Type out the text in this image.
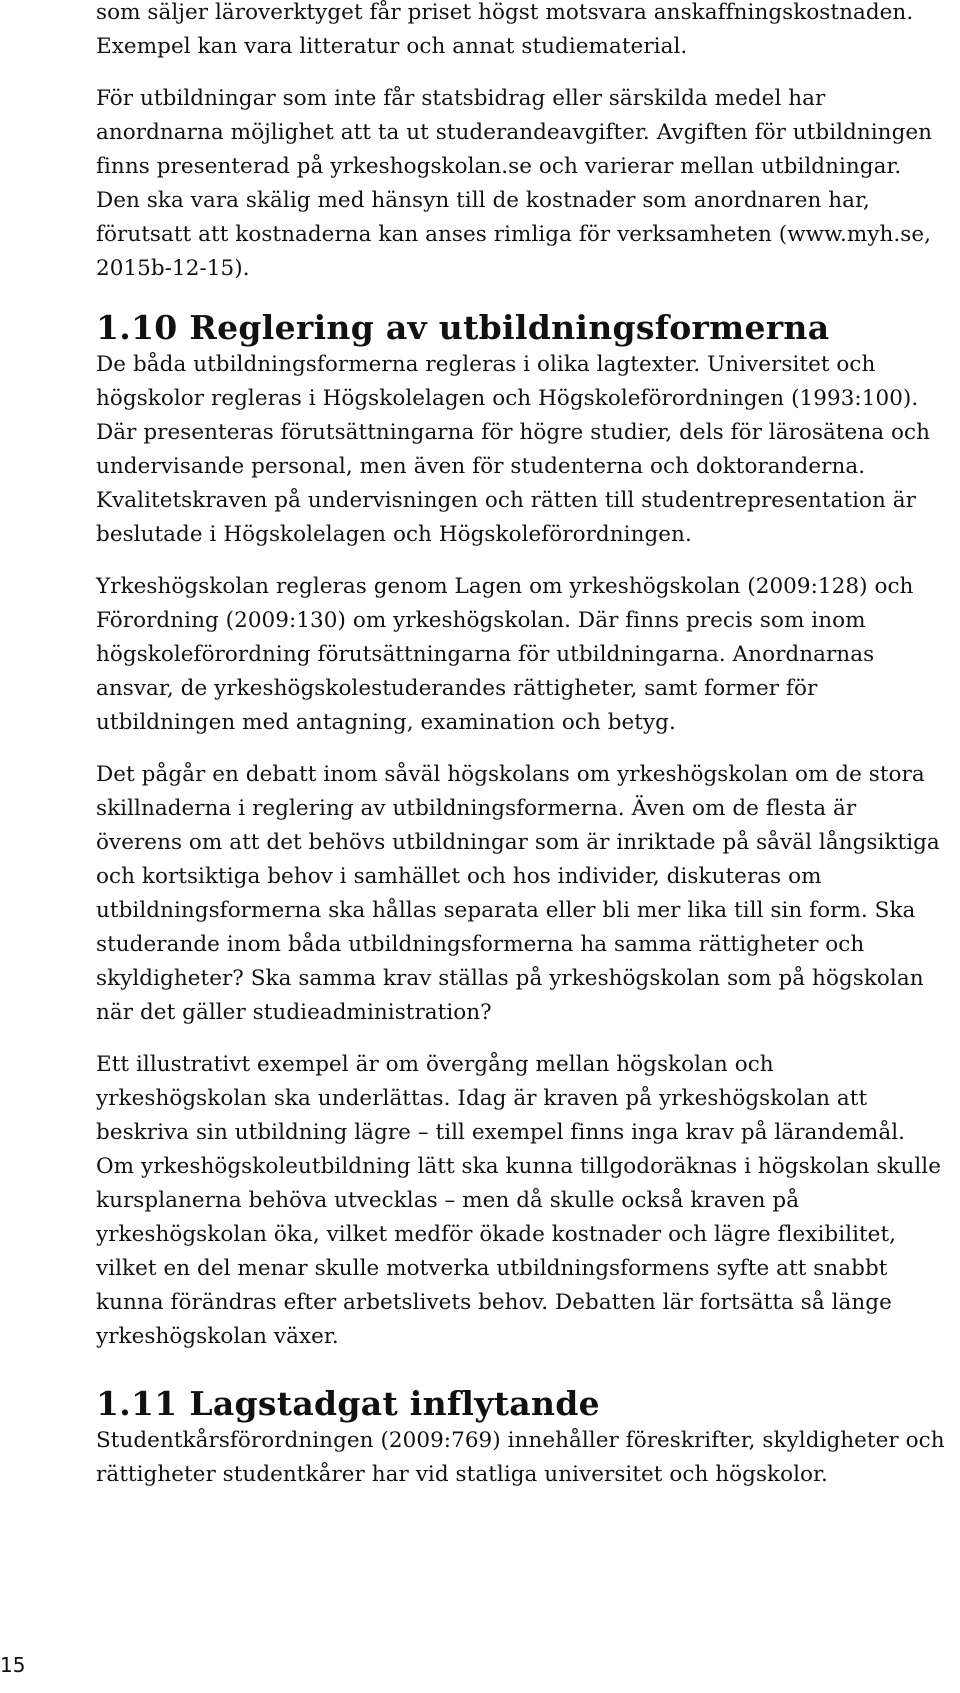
som säljer läroverktyget får priset högst motsvara anskaffningskostnaden. Exempel kan vara litteratur och annat studiematerial.

För utbildningar som inte får statsbidrag eller särskilda medel har anordnarna möjlighet att ta ut studerandeavgifter. Avgiften för utbildningen finns presenterad på yrkeshogskolan.se och varierar mellan utbildningar. Den ska vara skälig med hänsyn till de kostnader som anordnaren har, förutsatt att kostnaderna kan anses rimliga för verksamheten (www.myh.se, 2015b-12-15).

1.10 Reglering av utbildningsformerna

De båda utbildningsformerna regleras i olika lagtexter. Universitet och högskolor regleras i Högskolelagen och Högskoleförordningen (1993:100). Där presenteras förutsättningarna för högre studier, dels för lärosätena och undervisande personal, men även för studenterna och doktoranderna. Kvalitetskraven på undervisningen och rätten till studentrepresentation är beslutade i Högskolelagen och Högskoleförordningen.

Yrkeshögskolan regleras genom Lagen om yrkeshögskolan (2009:128) och Förordning (2009:130) om yrkeshögskolan. Där finns precis som inom högskoleförordning förutsättningarna för utbildningarna. Anordnarnas ansvar, de yrkeshögskolestuderandes rättigheter, samt former för utbildningen med antagning, examination och betyg.

Det pågår en debatt inom såväl högskolans om yrkeshögskolan om de stora skillnaderna i reglering av utbildningsformerna. Även om de flesta är överens om att det behövs utbildningar som är inriktade på såväl långsiktiga och kortsiktiga behov i samhället och hos individer, diskuteras om utbildningsformerna ska hållas separata eller bli mer lika till sin form. Ska studerande inom båda utbildningsformerna ha samma rättigheter och skyldigheter? Ska samma krav ställas på yrkeshögskolan som på högskolan när det gäller studieadministration?

Ett illustrativt exempel är om övergång mellan högskolan och yrkeshögskolan ska underlättas. Idag är kraven på yrkeshögskolan att beskriva sin utbildning lägre – till exempel finns inga krav på lärandemål. Om yrkeshögskoleutbildning lätt ska kunna tillgodoräknas i högskolan skulle kursplanerna behöva utvecklas – men då skulle också kraven på yrkeshögskolan öka, vilket medför ökade kostnader och lägre flexibilitet, vilket en del menar skulle motverka utbildningsformens syfte att snabbt kunna förändras efter arbetslivets behov. Debatten lär fortsätta så länge yrkeshögskolan växer.

1.11 Lagstadgat inflytande

Studentkårsförordningen (2009:769) innehåller föreskrifter, skyldigheter och rättigheter studentkårer har vid statliga universitet och högskolor.

15
